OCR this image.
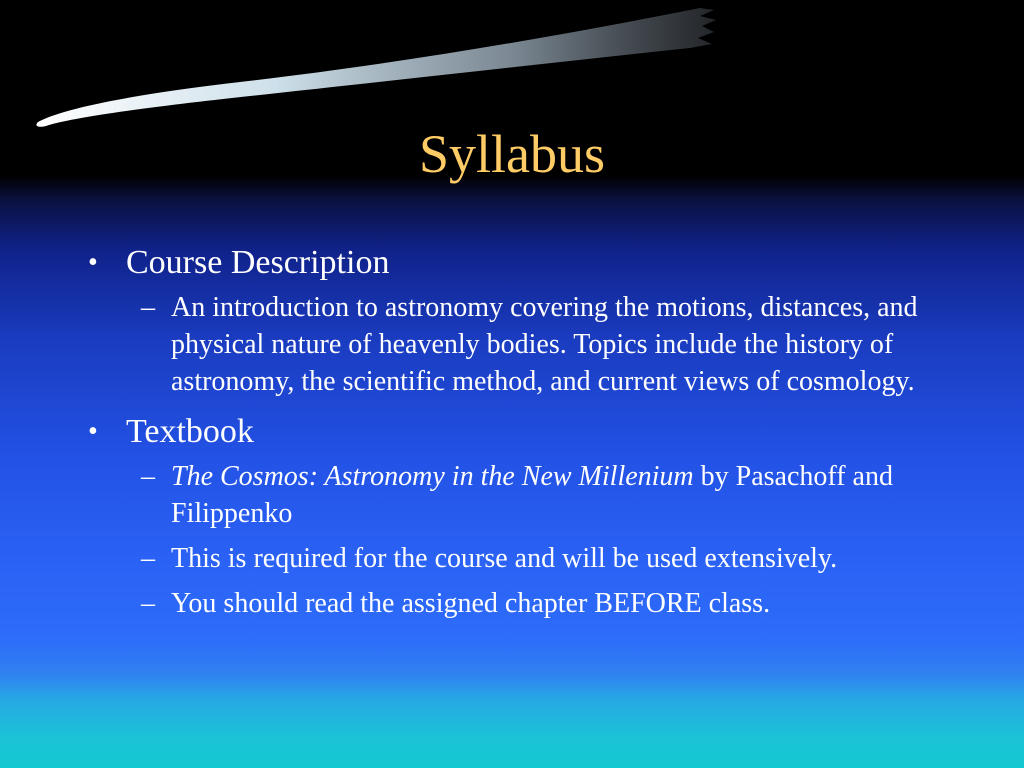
Syllabus
• Course Description
– An introduction to astronomy covering the motions, distances, and physical nature of heavenly bodies. Topics include the history of astronomy, the scientific method, and current views of cosmology.
• Textbook
– The Cosmos: Astronomy in the New Millenium by Pasachoff and Filippenko
– This is required for the course and will be used extensively.
– You should read the assigned chapter BEFORE class.
